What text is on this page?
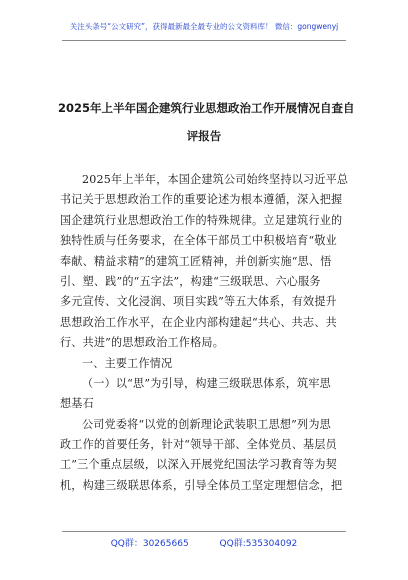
关注头条号“公文研究”，获得最新最全最专业的公文资料库！ 微信：gongwenyj
2025年上半年国企建筑行业思想政治工作开展情况自查自
评报告
2025年上半年，本国企建筑公司始终坚持以习近平总
书记关于思想政治工作的重要论述为根本遵循，深入把握
国企建筑行业思想政治工作的特殊规律。立足建筑行业的
独特性质与任务要求，在全体干部员工中积极培育“敬业
奉献、精益求精”的建筑工匠精神，并创新实施“思、悟
引、塑、践”的“五字法”，构建“三级联思、六心服务
多元宣传、文化浸润、项目实践”等五大体系，有效提升
思想政治工作水平，在企业内部构建起“共心、共志、共
行、共进”的思想政治工作格局。
一、主要工作情况
（一）以“思”为引导，构建三级联思体系，筑牢思
想基石
公司党委将“以党的创新理论武装职工思想”列为思
政工作的首要任务，针对“领导干部、全体党员、基层员
工”三个重点层级，以深入开展党纪国法学习教育等为契
机，构建三级联思体系，引导全体员工坚定理想信念，把
QQ群：30265665	QQ群:535304092
